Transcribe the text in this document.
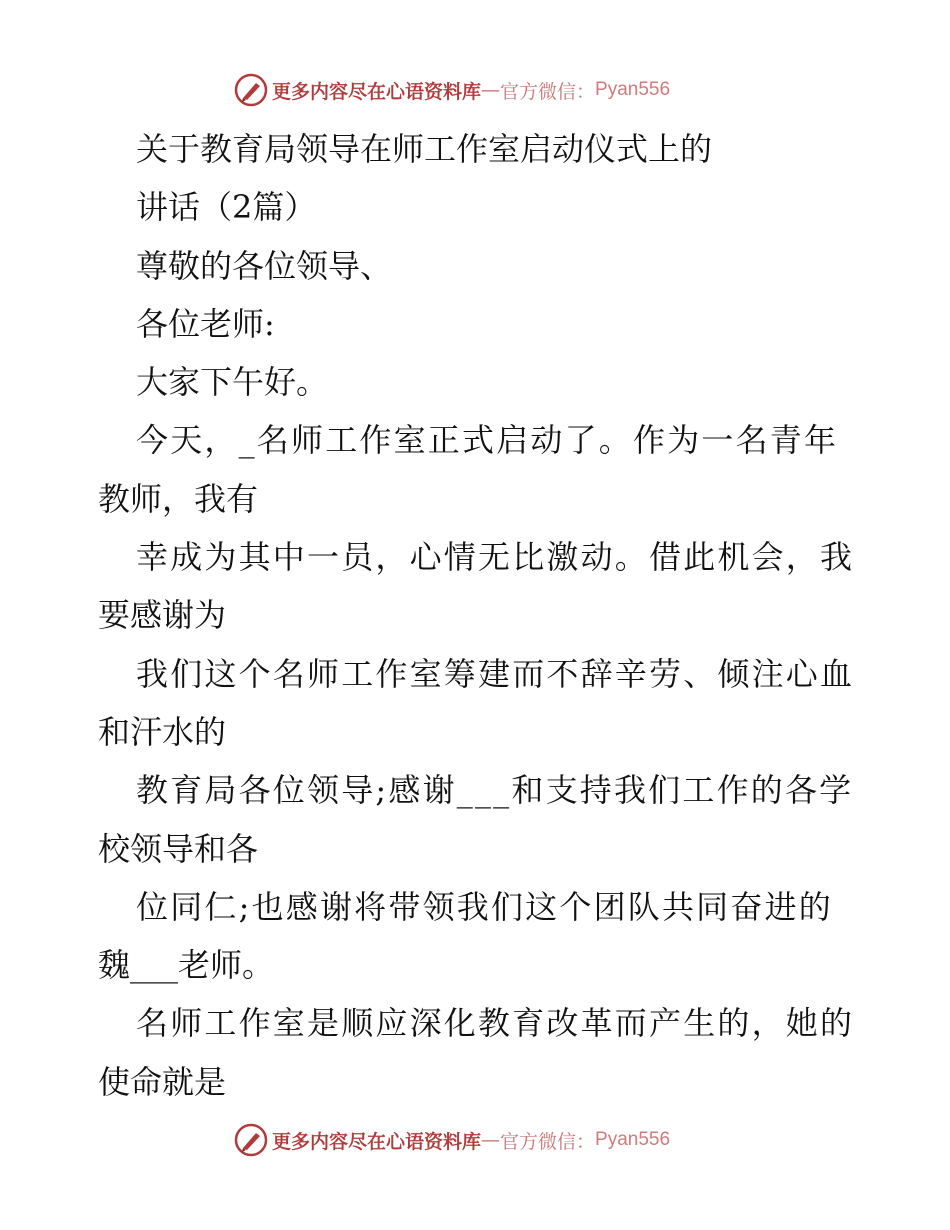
更多内容尽在心语资料库 — 官方微信： Pyan556
关于教育局领导在师工作室启动仪式上的
讲话（2篇）
尊敬的各位领导、
各位老师:
大家下午好。
今天，_名师工作室正式启动了。作为一名青年
教师，我有
幸成为其中一员，心情无比激动。借此机会，我
要感谢为
我们这个名师工作室筹建而不辞辛劳、倾注心血
和汗水的
教育局各位领导;感谢___和支持我们工作的各学
校领导和各
位同仁;也感谢将带领我们这个团队共同奋进的
魏___老师。
名师工作室是顺应深化教育改革而产生的，她的
使命就是
更多内容尽在心语资料库 — 官方微信： Pyan556
